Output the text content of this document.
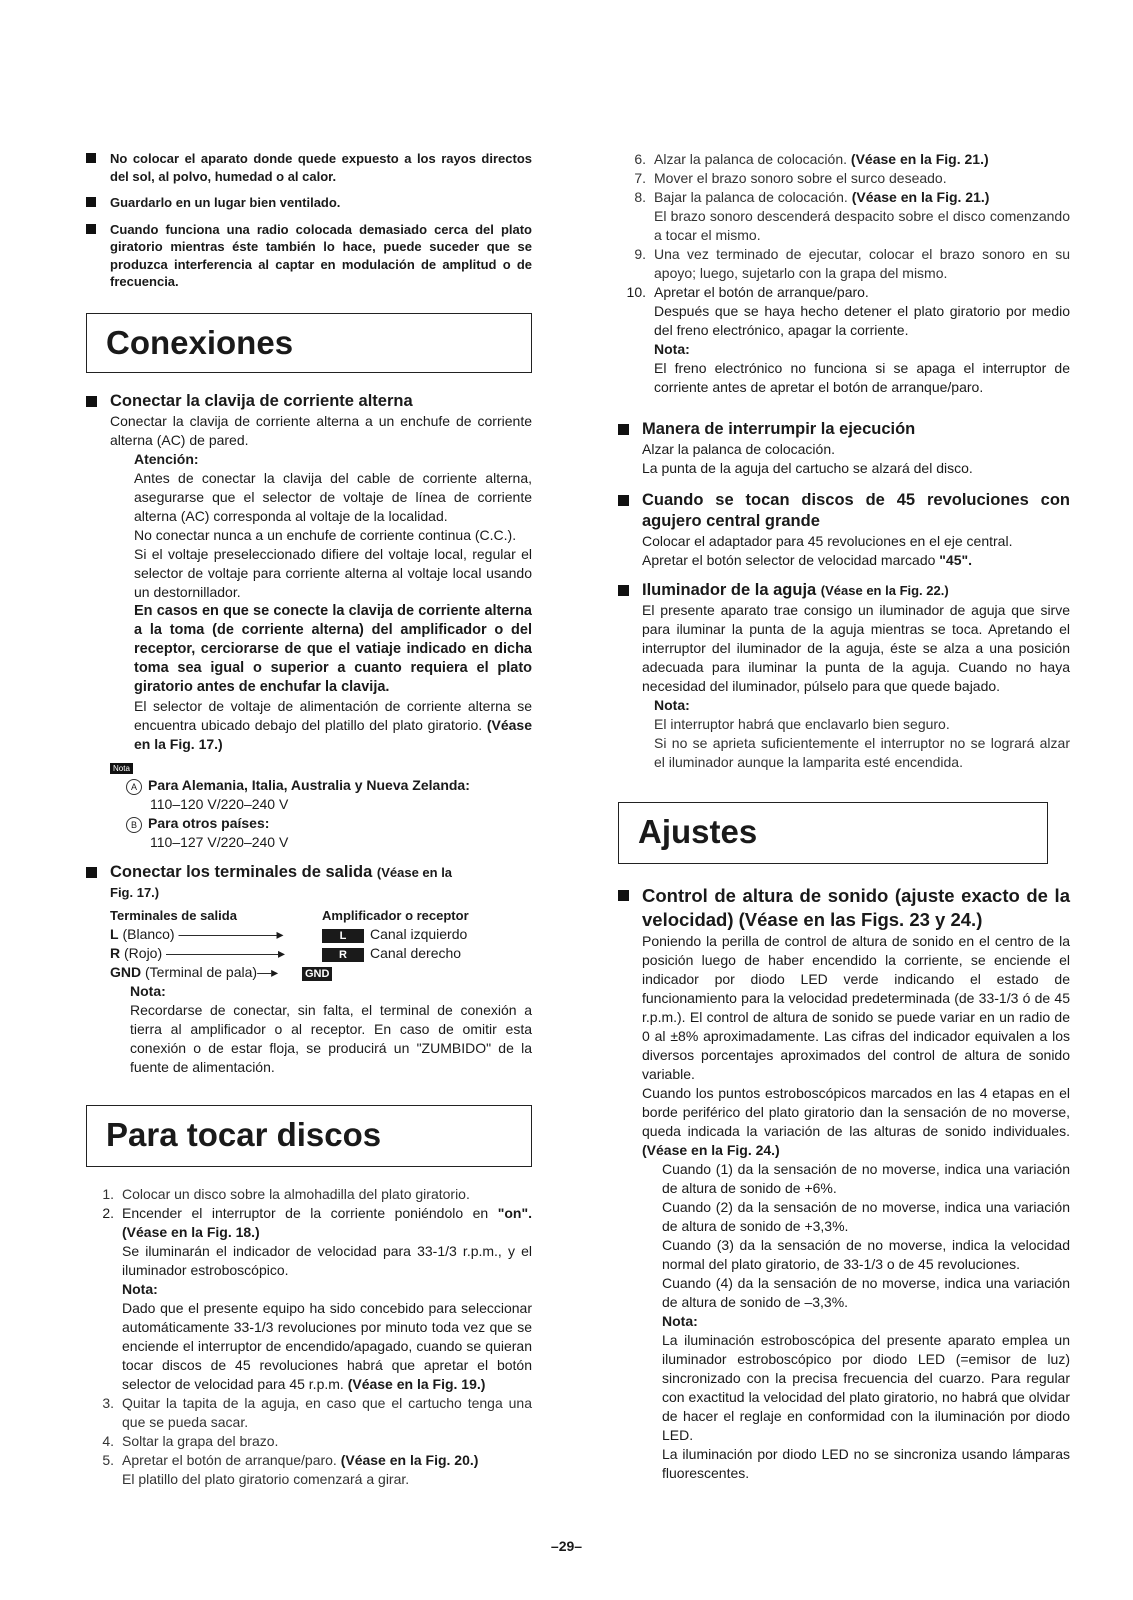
No colocar el aparato donde quede expuesto a los rayos directos del sol, al polvo, humedad o al calor.
Guardarlo en un lugar bien ventilado.
Cuando funciona una radio colocada demasiado cerca del plato giratorio mientras éste también lo hace, puede suceder que se produzca interferencia al captar en modulación de amplitud o de frecuencia.
Conexiones
Conectar la clavija de corriente alterna

Conectar la clavija de corriente alterna a un enchufe de corriente alterna (AC) de pared.

Atención:

Antes de conectar la clavija del cable de corriente alterna, asegurarse que el selector de voltaje de línea de corriente alterna (AC) corresponda al voltaje de la localidad.

No conectar nunca a un enchufe de corriente continua (C.C.).

Si el voltaje preseleccionado difiere del voltaje local, regular el selector de voltaje para corriente alterna al voltaje local usando un destornillador.

En casos en que se conecte la clavija de corriente alterna a la toma (de corriente alterna) del amplificador o del receptor, cerciorarse de que el vatiaje indicado en dicha toma sea igual o superior a cuanto requiera el plato giratorio antes de enchufar la clavija.

El selector de voltaje de alimentación de corriente alterna se encuentra ubicado debajo del platillo del plato giratorio. (Véase en la Fig. 17.)

Nota

A Para Alemania, Italia, Australia y Nueva Zelanda:

110–120 V/220–240 V

B Para otros países:

110–127 V/220–240 V

Conectar los terminales de salida (Véase en la

Fig. 17.)

Terminales de salida	Amplificador o receptor
L (Blanco) ———————▸	L Canal izquierdo
R (Rojo) ————————▸	R Canal derecho
GND (Terminal de pala)—▸	GND

Nota:

Recordarse de conectar, sin falta, el terminal de conexión a tierra al amplificador o al receptor. En caso de omitir esta conexión o de estar floja, se producirá un "ZUMBIDO" de la fuente de alimentación.

Para tocar discos
1. Colocar un disco sobre la almohadilla del plato giratorio.
2. Encender el interruptor de la corriente poniéndolo en "on". (Véase en la Fig. 18.)

Se iluminarán el indicador de velocidad para 33-1/3 r.p.m., y el iluminador estroboscópico.

Nota:

Dado que el presente equipo ha sido concebido para seleccionar automáticamente 33-1/3 revoluciones por minuto toda vez que se enciende el interruptor de encendido/apagado, cuando se quieran tocar discos de 45 revoluciones habrá que apretar el botón selector de velocidad para 45 r.p.m. (Véase en la Fig. 19.)

3. Quitar la tapita de la aguja, en caso que el cartucho tenga una que se pueda sacar.
4. Soltar la grapa del brazo.
5. Apretar el botón de arranque/paro. (Véase en la Fig. 20.)

El platillo del plato giratorio comenzará a girar.

6. Alzar la palanca de colocación. (Véase en la Fig. 21.)
7. Mover el brazo sonoro sobre el surco deseado.
8. Bajar la palanca de colocación. (Véase en la Fig. 21.)

El brazo sonoro descenderá despacito sobre el disco comenzando a tocar el mismo.

9. Una vez terminado de ejecutar, colocar el brazo sonoro en su apoyo; luego, sujetarlo con la grapa del mismo.
10. Apretar el botón de arranque/paro.

Después que se haya hecho detener el plato giratorio por medio del freno electrónico, apagar la corriente.

Nota:

El freno electrónico no funciona si se apaga el interruptor de corriente antes de apretar el botón de arranque/paro.

Manera de interrumpir la ejecución

Alzar la palanca de colocación.

La punta de la aguja del cartucho se alzará del disco.

Cuando se tocan discos de 45 revoluciones con agujero central grande

Colocar el adaptador para 45 revoluciones en el eje central.

Apretar el botón selector de velocidad marcado "45".

Iluminador de la aguja (Véase en la Fig. 22.)

El presente aparato trae consigo un iluminador de aguja que sirve para iluminar la punta de la aguja mientras se toca. Apretando el interruptor del iluminador de la aguja, éste se alza a una posición adecuada para iluminar la punta de la aguja. Cuando no haya necesidad del iluminador, púlselo para que quede bajado.

Nota:

El interruptor habrá que enclavarlo bien seguro.

Si no se aprieta suficientemente el interruptor no se logrará alzar el iluminador aunque la lamparita esté encendida.

Ajustes
Control de altura de sonido (ajuste exacto de la velocidad) (Véase en las Figs. 23 y 24.)

Poniendo la perilla de control de altura de sonido en el centro de la posición luego de haber encendido la corriente, se enciende el indicador por diodo LED verde indicando el estado de funcionamiento para la velocidad predeterminada (de 33-1/3 ó de 45 r.p.m.). El control de altura de sonido se puede variar en un radio de 0 al ±8% aproximadamente. Las cifras del indicador equivalen a los diversos porcentajes aproximados del control de altura de sonido variable.

Cuando los puntos estroboscópicos marcados en las 4 etapas en el borde periférico del plato giratorio dan la sensación de no moverse, queda indicada la variación de las alturas de sonido individuales. (Véase en la Fig. 24.)

Cuando (1) da la sensación de no moverse, indica una variación de altura de sonido de +6%.

Cuando (2) da la sensación de no moverse, indica una variación de altura de sonido de +3,3%.

Cuando (3) da la sensación de no moverse, indica la velocidad normal del plato giratorio, de 33-1/3 o de 45 revoluciones.

Cuando (4) da la sensación de no moverse, indica una variación de altura de sonido de –3,3%.

Nota:

La iluminación estroboscópica del presente aparato emplea un iluminador estroboscópico por diodo LED (=emisor de luz) sincronizado con la precisa frecuencia del cuarzo. Para regular con exactitud la velocidad del plato giratorio, no habrá que olvidar de hacer el reglaje en conformidad con la iluminación por diodo LED.

La iluminación por diodo LED no se sincroniza usando lámparas fluorescentes.

–29–
